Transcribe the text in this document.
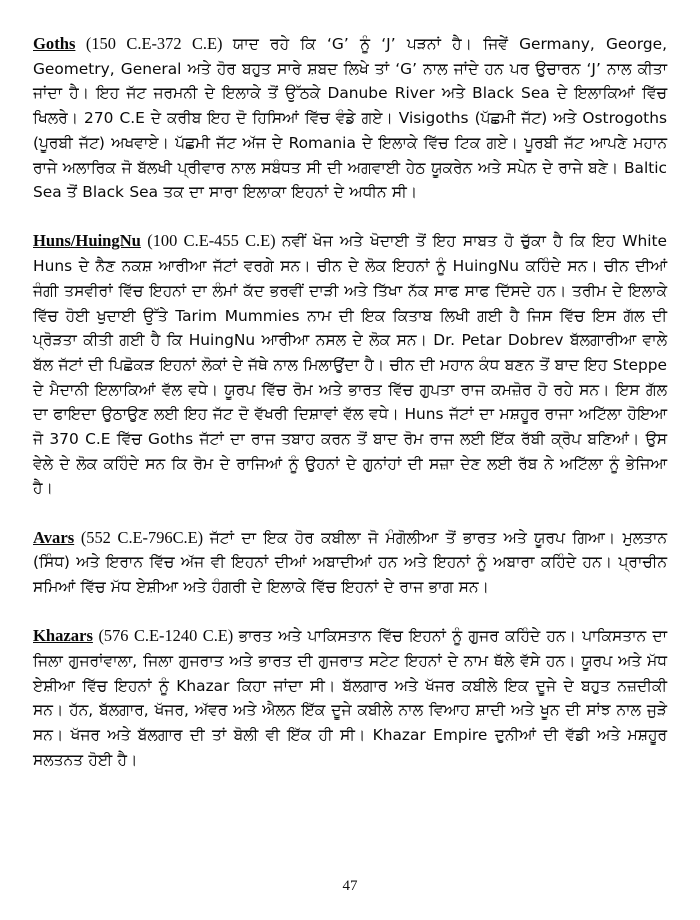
Goths (150 C.E-372 C.E) ਯਾਦ ਰਹੇ ਕਿ ‘G’ ਨੂੰ ‘J’ ਪੜਨਾਂ ਹੈ। ਜਿਵੇਂ Germany, George, Geometry, General ਅਤੇ ਹੋਰ ਬਹੁਤ ਸਾਰੇ ਸ਼ਬਦ ਲਿਖੇ ਤਾਂ ‘G’ ਨਾਲ ਜਾਂਦੇ ਹਨ ਪਰ ਉਚਾਰਨ ‘J’ ਨਾਲ ਕੀਤਾ ਜਾਂਦਾ ਹੈ। ਇਹ ਜੱਟ ਜਰਮਨੀ ਦੇ ਇਲਾਕੇ ਤੋਂ ਉੱਠਕੇ Danube River ਅਤੇ Black Sea ਦੇ ਇਲਾਕਿਆਂ ਵਿੱਚ ਖਿਲਰੇ। 270 C.E ਦੇ ਕਰੀਬ ਇਹ ਦੋ ਹਿਸਿਆਂ ਵਿੱਚ ਵੰਡੇ ਗਏ। Visigoths (ਪੱਛਮੀ ਜੱਟ) ਅਤੇ Ostrogoths (ਪੂਰਬੀ ਜੱਟ) ਅਖਵਾਏ। ਪੱਛਮੀ ਜੱਟ ਅੱਜ ਦੇ Romania ਦੇ ਇਲਾਕੇ ਵਿੱਚ ਟਿਕ ਗਏ। ਪੂਰਬੀ ਜੱਟ ਆਪਣੇ ਮਹਾਨ ਰਾਜੇ ਅਲਾਰਿਕ ਜੋ ਬੱਲਖੀ ਪ੍ਰੀਵਾਰ ਨਾਲ ਸਬੰਧਤ ਸੀ ਦੀ ਅਗਵਾਈ ਹੇਠ ਯੂਕਰੇਨ ਅਤੇ ਸਪੇਨ ਦੇ ਰਾਜੇ ਬਣੇ। Baltic Sea ਤੋਂ Black Sea ਤਕ ਦਾ ਸਾਰਾ ਇਲਾਕਾ ਇਹਨਾਂ ਦੇ ਅਧੀਨ ਸੀ।

Huns/HuingNu (100 C.E-455 C.E) ਨਵੀਂ ਖੋਜ ਅਤੇ ਖੋਦਾਈ ਤੋਂ ਇਹ ਸਾਬਤ ਹੋ ਚੁੱਕਾ ਹੈ ਕਿ ਇਹ White Huns ਦੇ ਨੈਣ ਨਕਸ਼ ਆਰੀਆ ਜੱਟਾਂ ਵਰਗੇ ਸਨ। ਚੀਨ ਦੇ ਲੋਕ ਇਹਨਾਂ ਨੂੰ HuingNu ਕਹਿੰਦੇ ਸਨ। ਚੀਨ ਦੀਆਂ ਜੰਗੀ ਤਸਵੀਰਾਂ ਵਿੱਚ ਇਹਨਾਂ ਦਾ ਲੰਮਾਂ ਕੱਦ ਭਰਵੀਂ ਦਾੜੀ ਅਤੇ ਤਿੱਖਾ ਨੱਕ ਸਾਫ ਸਾਫ ਦਿੱਸਦੇ ਹਨ। ਤਰੀਮ ਦੇ ਇਲਾਕੇ ਵਿੱਚ ਹੋਈ ਖੁਦਾਈ ਉੱਤੇ Tarim Mummies ਨਾਮ ਦੀ ਇਕ ਕਿਤਾਬ ਲਿਖੀ ਗਈ ਹੈ ਜਿਸ ਵਿੱਚ ਇਸ ਗੱਲ ਦੀ ਪ੍ਰੋੜਤਾ ਕੀਤੀ ਗਈ ਹੈ ਕਿ HuingNu ਆਰੀਆ ਨਸਲ ਦੇ ਲੋਕ ਸਨ। Dr. Petar Dobrev ਬੱਲਗਾਰੀਆ ਵਾਲੇ ਬੱਲ ਜੱਟਾਂ ਦੀ ਪਿਛੋਕੜ ਇਹਨਾਂ ਲੋਕਾਂ ਦੇ ਜੱਥੇ ਨਾਲ ਮਿਲਾਉਂਦਾ ਹੈ। ਚੀਨ ਦੀ ਮਹਾਨ ਕੰਧ ਬਣਨ ਤੋਂ ਬਾਦ ਇਹ Steppe ਦੇ ਮੈਦਾਨੀ ਇਲਾਕਿਆਂ ਵੱਲ ਵਧੇ। ਯੂਰਪ ਵਿੱਚ ਰੋਮ ਅਤੇ ਭਾਰਤ ਵਿੱਚ ਗੁਪਤਾ ਰਾਜ ਕਮਜ਼ੋਰ ਹੋ ਰਹੇ ਸਨ। ਇਸ ਗੱਲ ਦਾ ਫਾਇਦਾ ਉਠਾਉਣ ਲਈ ਇਹ ਜੱਟ ਦੋ ਵੱਖਰੀ ਦਿਸ਼ਾਵਾਂ ਵੱਲ ਵਧੇ। Huns ਜੱਟਾਂ ਦਾ ਮਸ਼ਹੂਰ ਰਾਜਾ ਅਟਿੱਲਾ ਹੋਇਆ ਜੋ 370 C.E ਵਿੱਚ Goths ਜੱਟਾਂ ਦਾ ਰਾਜ ਤਬਾਹ ਕਰਨ ਤੋਂ ਬਾਦ ਰੋਮ ਰਾਜ ਲਈ ਇੱਕ ਰੱਬੀ ਕ੍ਰੋਪ ਬਣਿਆਂ। ਉਸ ਵੇਲੇ ਦੇ ਲੋਕ ਕਹਿੰਦੇ ਸਨ ਕਿ ਰੋਮ ਦੇ ਰਾਜਿਆਂ ਨੂੰ ਉਹਨਾਂ ਦੇ ਗੁਨਾਂਹਾਂ ਦੀ ਸਜ਼ਾ ਦੇਣ ਲਈ ਰੱਬ ਨੇ ਅਟਿੱਲਾ ਨੂੰ ਭੇਜਿਆ ਹੈ।

Avars (552 C.E-796C.E) ਜੱਟਾਂ ਦਾ ਇਕ ਹੋਰ ਕਬੀਲਾ ਜੋ ਮੰਗੋਲੀਆ ਤੋਂ ਭਾਰਤ ਅਤੇ ਯੂਰਪ ਗਿਆ। ਮੁਲਤਾਨ (ਸਿੰਧ) ਅਤੇ ਇਰਾਨ ਵਿੱਚ ਅੱਜ ਵੀ ਇਹਨਾਂ ਦੀਆਂ ਅਬਾਦੀਆਂ ਹਨ ਅਤੇ ਇਹਨਾਂ ਨੂੰ ਅਬਾਰਾ ਕਹਿੰਦੇ ਹਨ। ਪ੍ਰਾਚੀਨ ਸਮਿਆਂ ਵਿੱਚ ਮੱਧ ਏਸ਼ੀਆ ਅਤੇ ਹੰਗਰੀ ਦੇ ਇਲਾਕੇ ਵਿੱਚ ਇਹਨਾਂ ਦੇ ਰਾਜ ਭਾਗ ਸਨ।

Khazars (576 C.E-1240 C.E) ਭਾਰਤ ਅਤੇ ਪਾਕਿਸਤਾਨ ਵਿੱਚ ਇਹਨਾਂ ਨੂੰ ਗੁਜਰ ਕਹਿੰਦੇ ਹਨ। ਪਾਕਿਸਤਾਨ ਦਾ ਜਿਲਾ ਗੁਜਰਾਂਵਾਲਾ, ਜਿਲਾ ਗੁਜਰਾਤ ਅਤੇ ਭਾਰਤ ਦੀ ਗੁਜਰਾਤ ਸਟੇਟ ਇਹਨਾਂ ਦੇ ਨਾਮ ਥੱਲੇ ਵੱਸੇ ਹਨ। ਯੂਰਪ ਅਤੇ ਮੱਧ ਏਸ਼ੀਆ ਵਿੱਚ ਇਹਨਾਂ ਨੂੰ Khazar ਕਿਹਾ ਜਾਂਦਾ ਸੀ। ਬੱਲਗਾਰ ਅਤੇ ਖੱਜਰ ਕਬੀਲੇ ਇਕ ਦੂਜੇ ਦੇ ਬਹੁਤ ਨਜ਼ਦੀਕੀ ਸਨ। ਹੱਨ, ਬੱਲਗਾਰ, ਖੱਜਰ, ਅੱਵਰ ਅਤੇ ਐਲਨ ਇੱਕ ਦੂਜੇ ਕਬੀਲੇ ਨਾਲ ਵਿਆਹ ਸ਼ਾਦੀ ਅਤੇ ਖੂਨ ਦੀ ਸਾਂਝ ਨਾਲ ਜੁੜੇ ਸਨ। ਖੱਜਰ ਅਤੇ ਬੱਲਗਾਰ ਦੀ ਤਾਂ ਬੋਲੀ ਵੀ ਇੱਕ ਹੀ ਸੀ। Khazar Empire ਦੁਨੀਆਂ ਦੀ ਵੱਡੀ ਅਤੇ ਮਸ਼ਹੂਰ ਸਲਤਨਤ ਹੋਈ ਹੈ।

47
